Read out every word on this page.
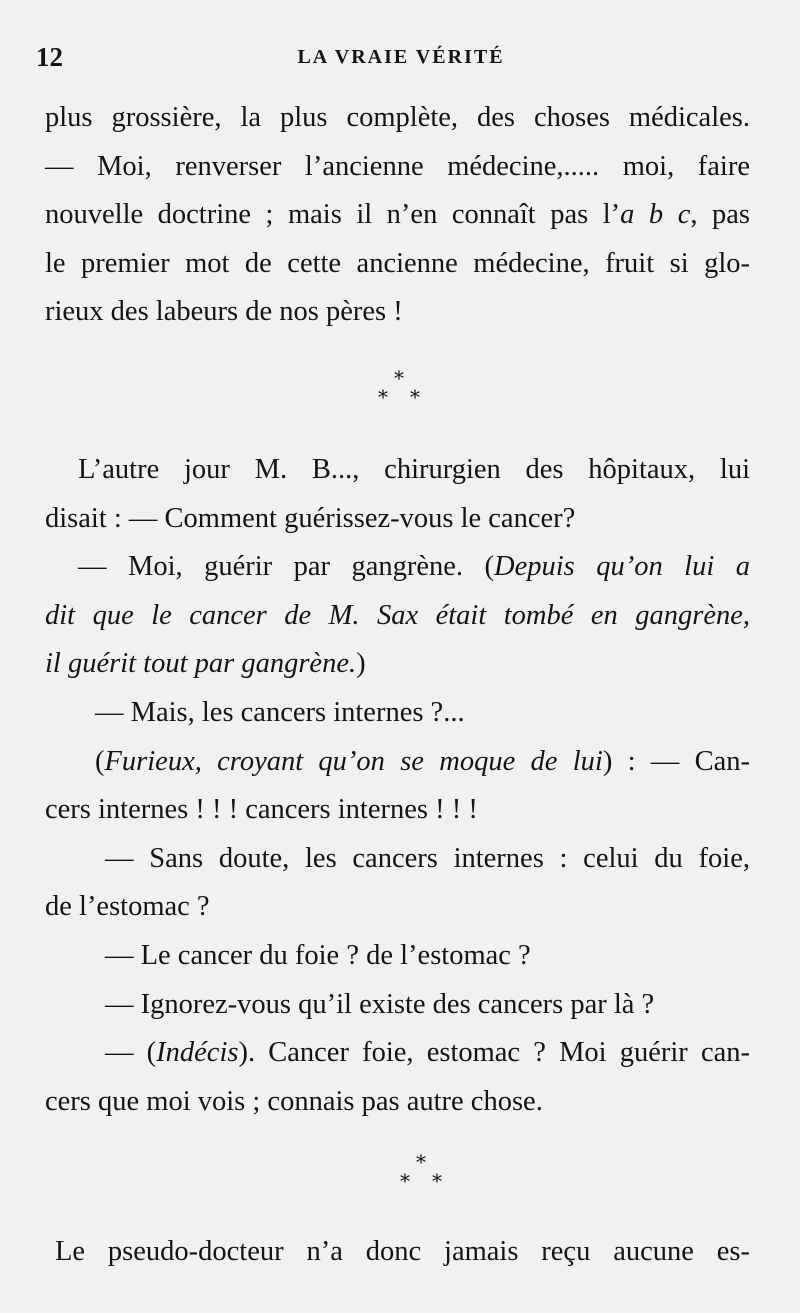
12	LA VRAIE VÉRITÉ
plus grossière, la plus complète, des choses médicales.
— Moi, renverser l’ancienne médecine,..... moi, faire
nouvelle doctrine ; mais il n’en connaît pas l’a b c, pas
le premier mot de cette ancienne médecine, fruit si glo-
rieux des labeurs de nos pères !
*
* *
L’autre jour M. B..., chirurgien des hôpitaux, lui
disait : — Comment guérissez-vous le cancer?
— Moi, guérir par gangrène. (Depuis qu’on lui a
dit que le cancer de M. Sax était tombé en gangrène,
il guérit tout par gangrène.)
— Mais, les cancers internes ?...
(Furieux, croyant qu’on se moque de lui) : — Can-
cers internes ! ! ! cancers internes ! ! !
— Sans doute, les cancers internes : celui du foie,
de l’estomac ?
— Le cancer du foie ? de l’estomac ?
— Ignorez-vous qu’il existe des cancers par là ?
— (Indécis). Cancer foie, estomac ? Moi guérir can-
cers que moi vois ; connais pas autre chose.
*
* *
Le pseudo-docteur n’a donc jamais reçu aucune es-
